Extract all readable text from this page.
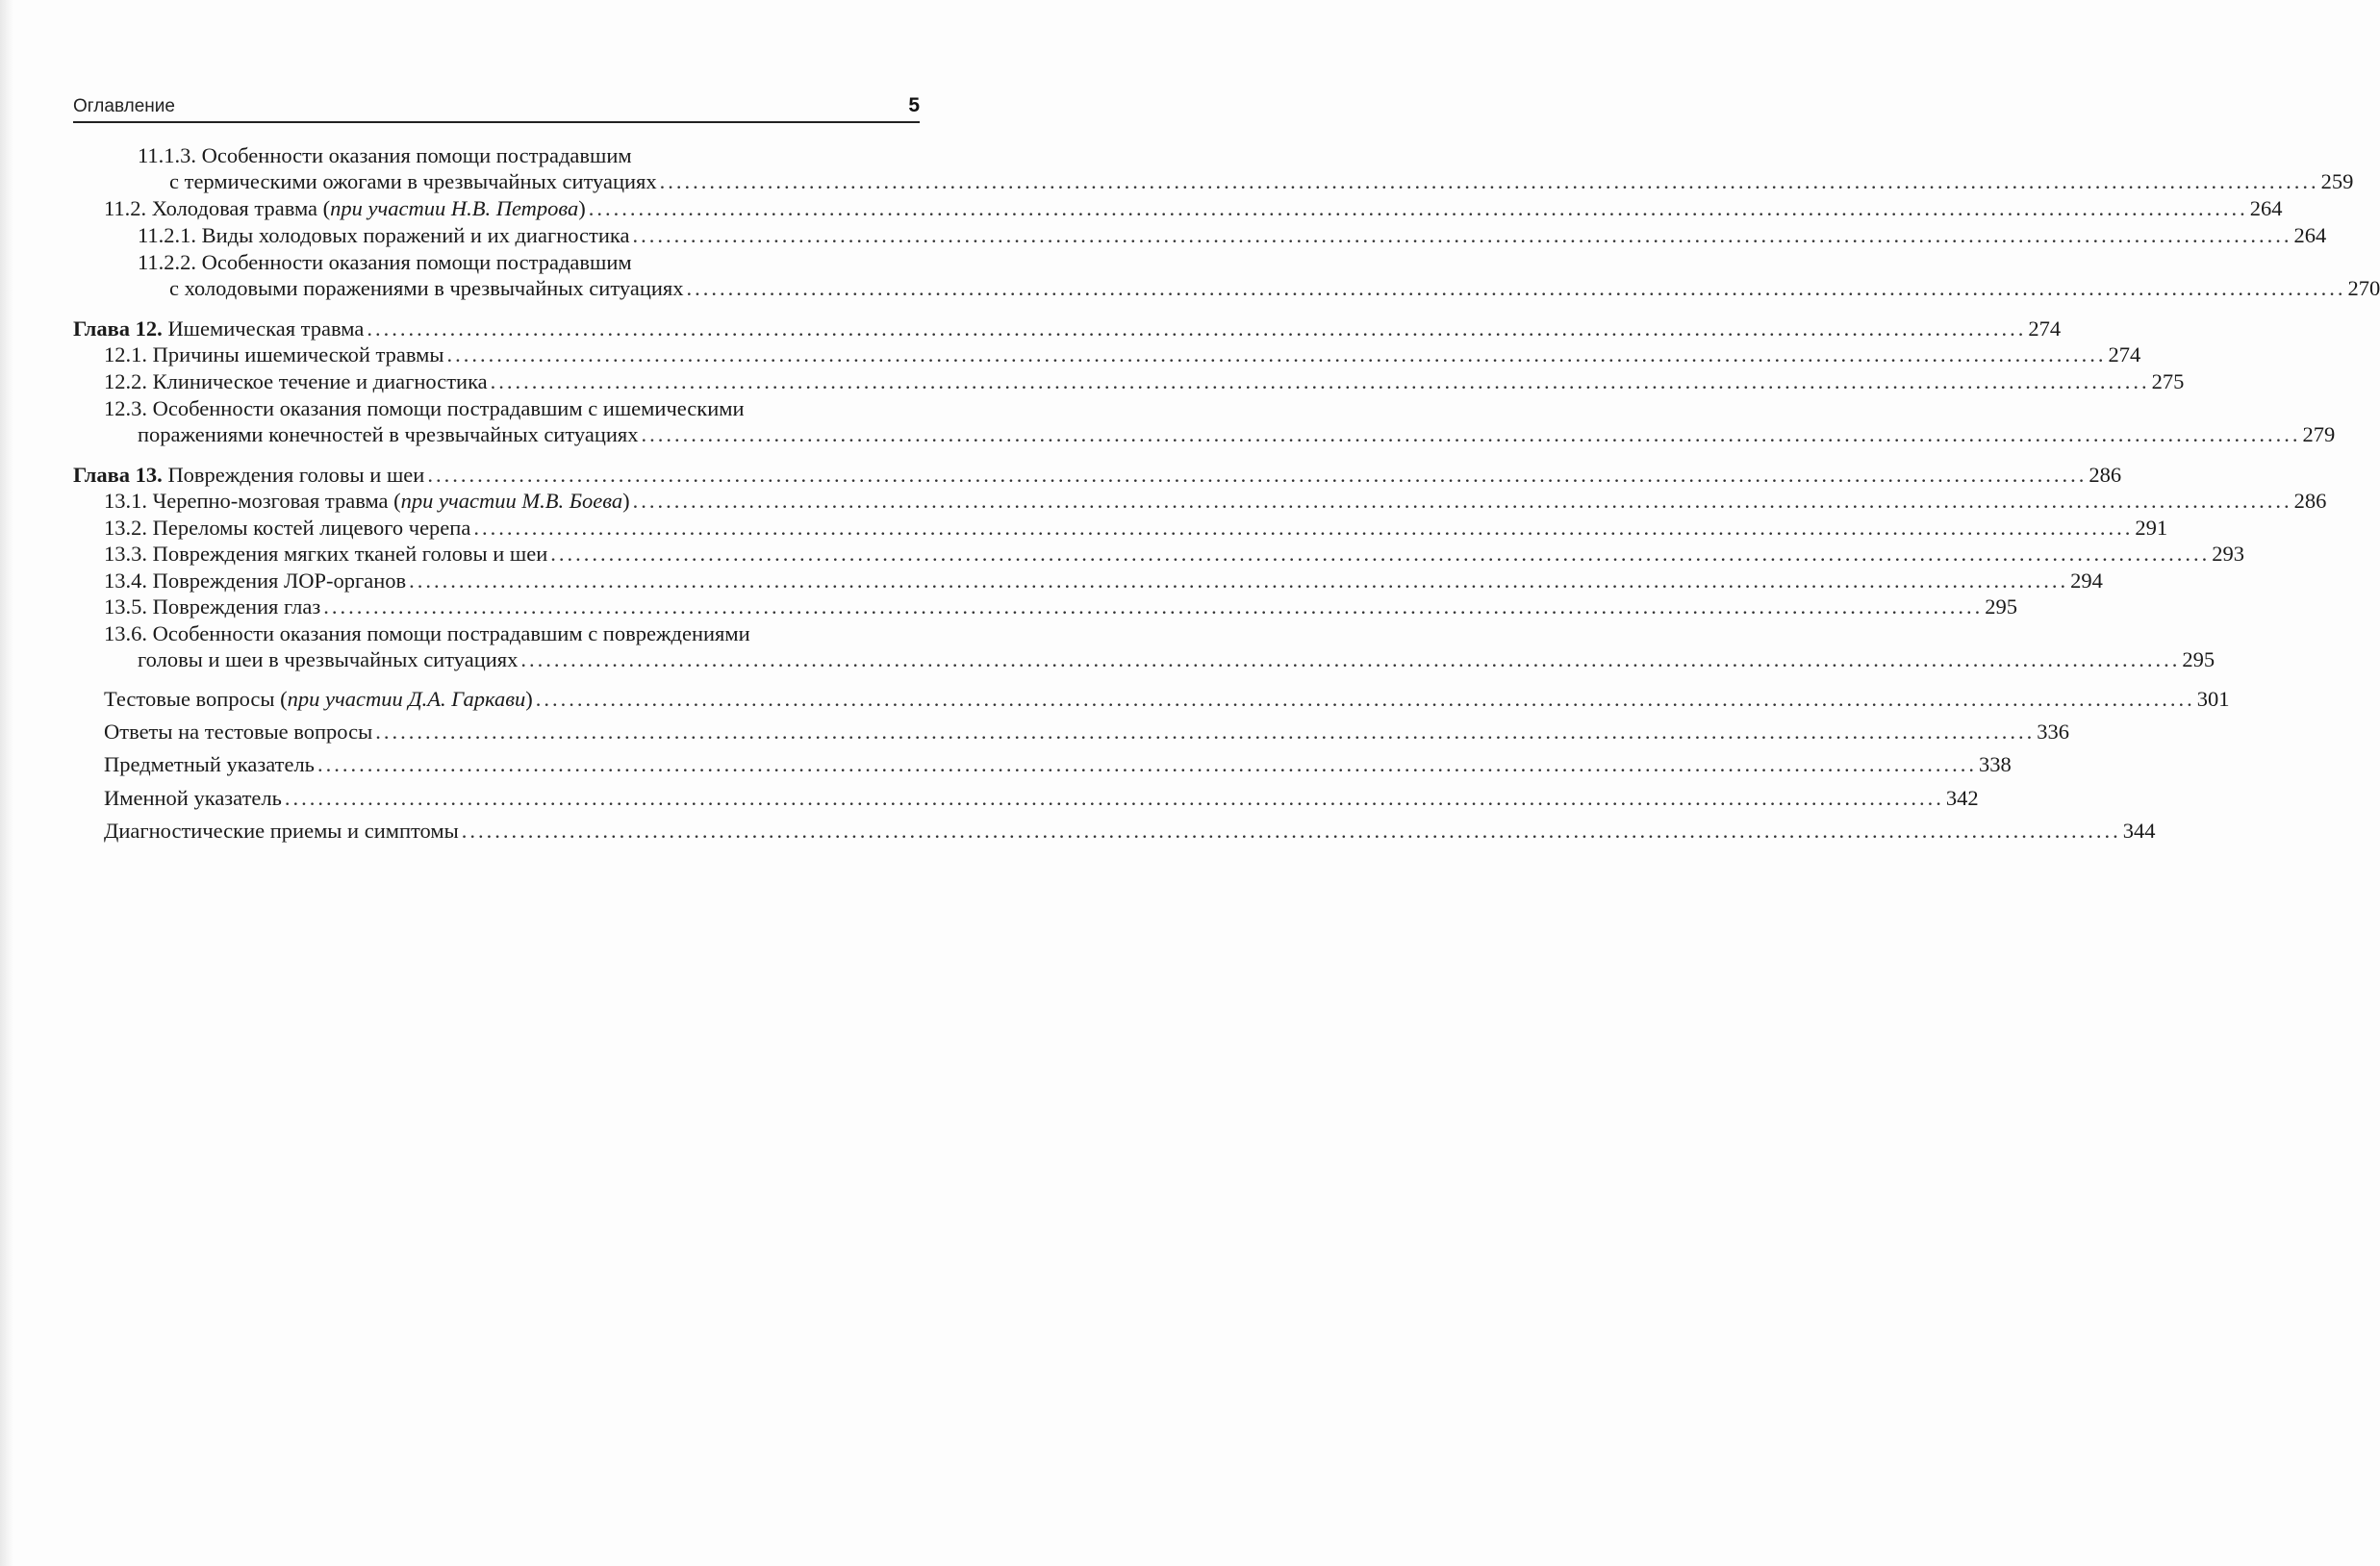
Оглавление	5
11.1.3. Особенности оказания помощи пострадавшим
с термическими ожогами в чрезвычайных ситуациях ........................................................................................................................................................................................................ 259
11.2. Холодовая травма (при участии Н.В. Петрова) ........................................................................................................................................................................................................ 264
11.2.1. Виды холодовых поражений и их диагностика ........................................................................................................................................................................................................ 264
11.2.2. Особенности оказания помощи пострадавшим
с холодовыми поражениями в чрезвычайных ситуациях ........................................................................................................................................................................................................ 270
Глава 12. Ишемическая травма ........................................................................................................................................................................................................ 274
12.1. Причины ишемической травмы ........................................................................................................................................................................................................ 274
12.2. Клиническое течение и диагностика ........................................................................................................................................................................................................ 275
12.3. Особенности оказания помощи пострадавшим с ишемическими
поражениями конечностей в чрезвычайных ситуациях ........................................................................................................................................................................................................ 279
Глава 13. Повреждения головы и шеи ........................................................................................................................................................................................................ 286
13.1. Черепно-мозговая травма (при участии М.В. Боева) ........................................................................................................................................................................................................ 286
13.2. Переломы костей лицевого черепа ........................................................................................................................................................................................................ 291
13.3. Повреждения мягких тканей головы и шеи ........................................................................................................................................................................................................ 293
13.4. Повреждения ЛОР-органов ........................................................................................................................................................................................................ 294
13.5. Повреждения глаз ........................................................................................................................................................................................................ 295
13.6. Особенности оказания помощи пострадавшим с повреждениями
головы и шеи в чрезвычайных ситуациях ........................................................................................................................................................................................................ 295
Тестовые вопросы (при участии Д.А. Гаркави) ........................................................................................................................................................................................................ 301
Ответы на тестовые вопросы ........................................................................................................................................................................................................ 336
Предметный указатель ........................................................................................................................................................................................................ 338
Именной указатель ........................................................................................................................................................................................................ 342
Диагностические приемы и симптомы ........................................................................................................................................................................................................ 344
